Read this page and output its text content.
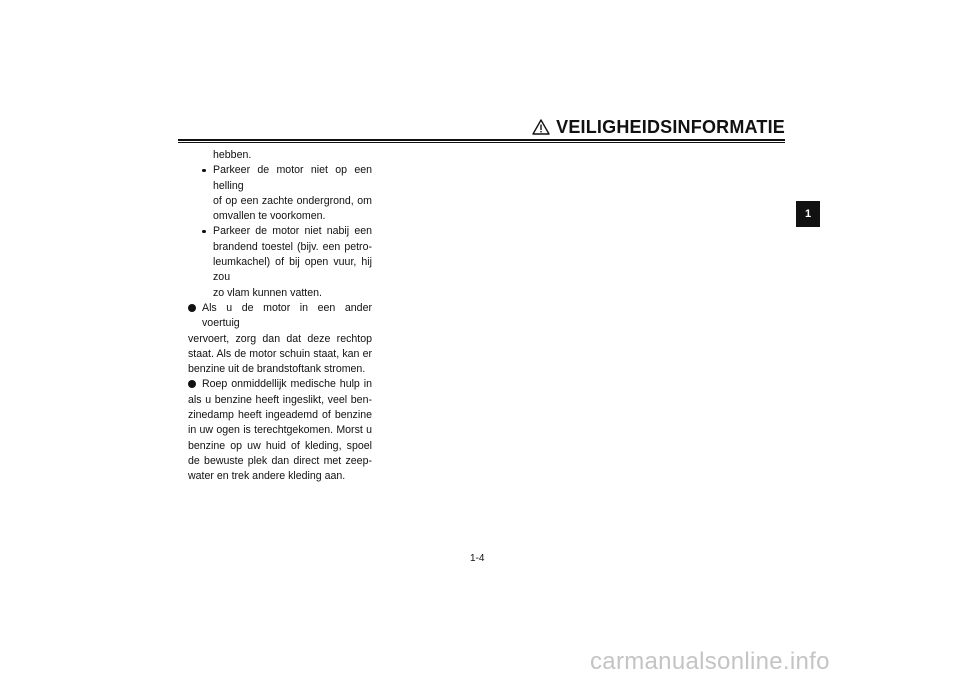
VEILIGHEIDSINFORMATIE
hebben.
Parkeer de motor niet op een helling
of op een zachte ondergrond, om
omvallen te voorkomen.
Parkeer de motor niet nabij een
brandend toestel (bijv. een petro-
leumkachel) of bij open vuur, hij zou
zo vlam kunnen vatten.
Als u de motor in een ander voertuig
vervoert, zorg dan dat deze rechtop
staat. Als de motor schuin staat, kan er
benzine uit de brandstoftank stromen.
Roep onmiddellijk medische hulp in
als u benzine heeft ingeslikt, veel ben-
zinedamp heeft ingeademd of benzine
in uw ogen is terechtgekomen. Morst u
benzine op uw huid of kleding, spoel
de bewuste plek dan direct met zeep-
water en trek andere kleding aan.
1
1-4
carmanualsonline.info
